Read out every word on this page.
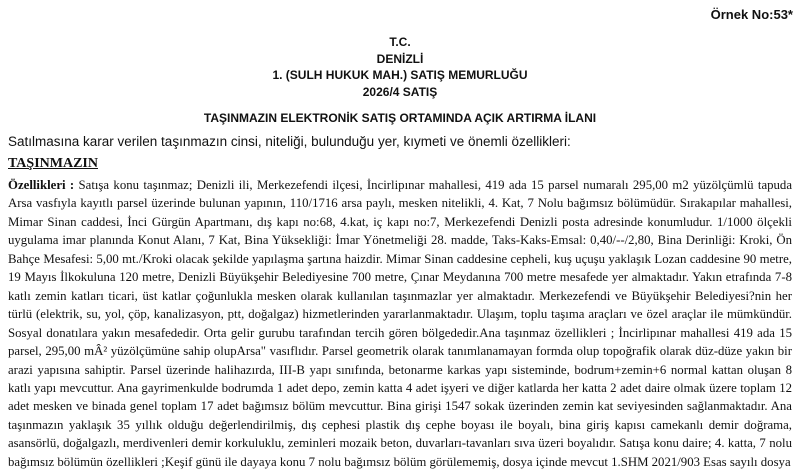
Örnek No:53*
T.C.
DENİZLİ
1. (SULH HUKUK MAH.) SATIŞ MEMURLUĞU
2026/4 SATIŞ
TAŞINMAZIN ELEKTRONİK SATIŞ ORTAMINDA AÇIK ARTIRMA İLANI
Satılmasına karar verilen taşınmazın cinsi, niteliği, bulunduğu yer, kıymeti ve önemli özellikleri:
TAŞINMAZIN

Özellikleri : Satışa konu taşınmaz; Denizli ili, Merkezefendi ilçesi, İncirlipınar mahallesi, 419 ada 15 parsel numaralı 295,00 m2 yüzölçümlü tapuda Arsa vasfıyla kayıtlı parsel üzerinde bulunan yapının, 110/1716 arsa paylı, mesken nitelikli, 4. Kat, 7 Nolu bağımsız bölümüdür. Sırakapılar mahallesi, Mimar Sinan caddesi, İnci Gürgün Apartmanı, dış kapı no:68, 4.kat, iç kapı no:7, Merkezefendi Denizli posta adresinde konumludur. 1/1000 ölçekli uygulama imar planında Konut Alanı, 7 Kat, Bina Yüksekliği: İmar Yönetmeliği 28. madde, Taks-Kaks-Emsal: 0,40/--/2,80, Bina Derinliği: Kroki, Ön Bahçe Mesafesi: 5,00 mt./Kroki olacak şekilde yapılaşma şartına haizdir. Mimar Sinan caddesine cepheli, kuş uçuşu yaklaşık Lozan caddesine 90 metre, 19 Mayıs İlkokuluna 120 metre, Denizli Büyükşehir Belediyesine 700 metre, Çınar Meydanına 700 metre mesafede yer almaktadır. Yakın etrafında 7-8 katlı zemin katları ticari, üst katlar çoğunlukla mesken olarak kullanılan taşınmazlar yer almaktadır. Merkezefendi ve Büyükşehir Belediyesi?nin her türlü (elektrik, su, yol, çöp, kanalizasyon, ptt, doğalgaz) hizmetlerinden yararlanmaktadır. Ulaşım, toplu taşıma araçları ve özel araçlar ile mümkündür. Sosyal donatılara yakın mesafededir. Orta gelir gurubu tarafından tercih gören bölgededir.Ana taşınmaz özellikleri ; İncirlipınar mahallesi 419 ada 15 parsel, 295,00 mÂ² yüzölçümüne sahip olupArsa" vasıflıdır. Parsel geometrik olarak tanımlanamayan formda olup topoğrafik olarak düz-düze yakın bir arazi yapısına sahiptir. Parsel üzerinde halihazırda, III-B yapı sınıfında, betonarme karkas yapı sisteminde, bodrum+zemin+6 normal kattan oluşan 8 katlı yapı mevcuttur. Ana gayrimenkulde bodrumda 1 adet depo, zemin katta 4 adet işyeri ve diğer katlarda her katta 2 adet daire olmak üzere toplam 12 adet mesken ve binada genel toplam 17 adet bağımsız bölüm mevcuttur. Bina girişi 1547 sokak üzerinden zemin kat seviyesinden sağlanmaktadır. Ana taşınmazın yaklaşık 35 yıllık olduğu değerlendirilmiş, dış cephesi plastik dış cephe boyası ile boyalı, bina giriş kapısı camekanlı demir doğrama, asansörlü, doğalgazlı, merdivenleri demir korkuluklu, zeminleri mozaik beton, duvarları-tavanları sıva üzeri boyalıdır. Satışa konu daire; 4. katta, 7 nolu bağımsız bölümün özellikleri ;Keşif günü ile dayaya konu 7 nolu bağımsız bölüm görülememiş, dosya içinde mevcut 1.SHM 2021/903 Esas sayılı dosya
